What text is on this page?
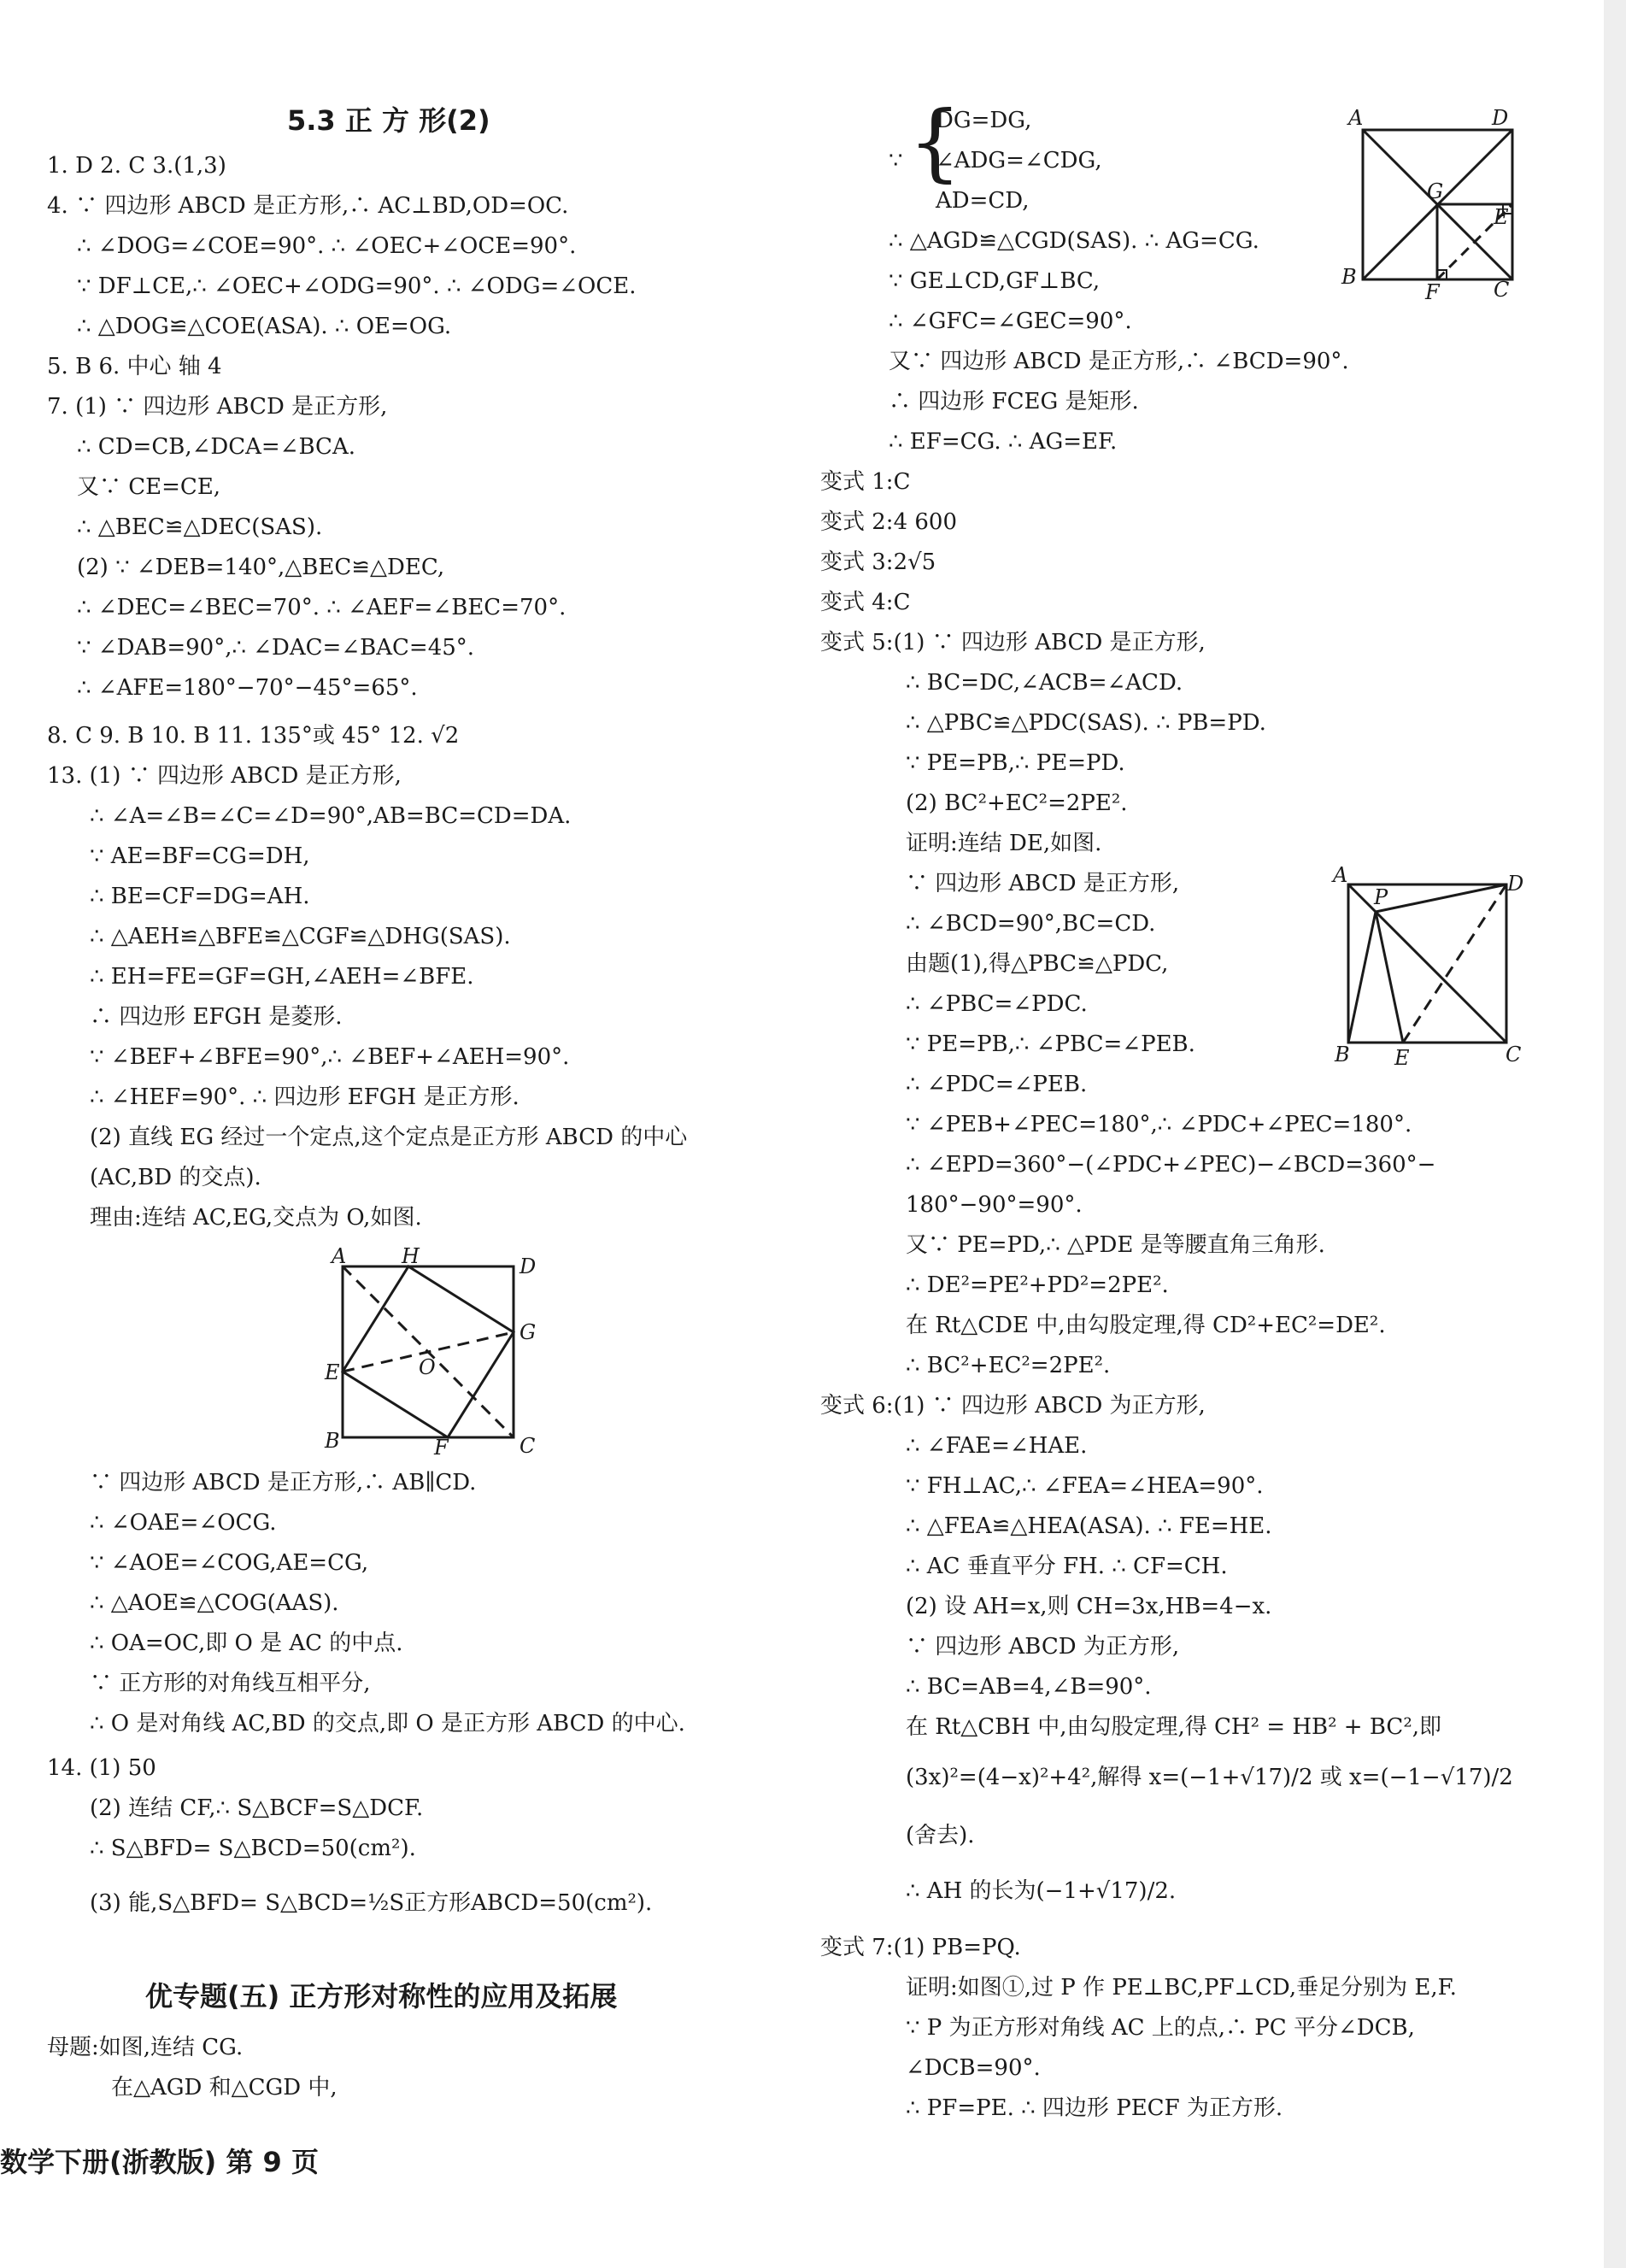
5.3 正 方 形(2)
1. D 2. C 3.(1,3)
4. ∵ 四边形 ABCD 是正方形,∴ AC⊥BD,OD=OC.
∴ ∠DOG=∠COE=90°. ∴ ∠OEC+∠OCE=90°.
∵ DF⊥CE,∴ ∠OEC+∠ODG=90°. ∴ ∠ODG=∠OCE.
∴ △DOG≌△COE(ASA). ∴ OE=OG.
5. B 6. 中心 轴 4
7. (1) ∵ 四边形 ABCD 是正方形,
∴ CD=CB,∠DCA=∠BCA.
又∵ CE=CE,
∴ △BEC≌△DEC(SAS).
(2) ∵ ∠DEB=140°,△BEC≌△DEC,
∴ ∠DEC=∠BEC=70°. ∴ ∠AEF=∠BEC=70°.
∵ ∠DAB=90°,∴ ∠DAC=∠BAC=45°.
∴ ∠AFE=180°−70°−45°=65°.
8. C 9. B 10. B 11. 135°或 45° 12. √2
13. (1) ∵ 四边形 ABCD 是正方形,
∴ ∠A=∠B=∠C=∠D=90°,AB=BC=CD=DA.
∵ AE=BF=CG=DH,
∴ BE=CF=DG=AH.
∴ △AEH≌△BFE≌△CGF≌△DHG(SAS).
∴ EH=FE=GF=GH,∠AEH=∠BFE.
∴ 四边形 EFGH 是菱形.
∵ ∠BEF+∠BFE=90°,∴ ∠BEF+∠AEH=90°.
∴ ∠HEF=90°. ∴ 四边形 EFGH 是正方形.
(2) 直线 EG 经过一个定点,这个定点是正方形 ABCD 的中心
(AC,BD 的交点).
理由:连结 AC,EG,交点为 O,如图.
A	H	D
G
E	O
B	F	C
∵ 四边形 ABCD 是正方形,∴ AB∥CD.
∴ ∠OAE=∠OCG.
∵ ∠AOE=∠COG,AE=CG,
∴ △AOE≌△COG(AAS).
∴ OA=OC,即 O 是 AC 的中点.
∵ 正方形的对角线互相平分,
∴ O 是对角线 AC,BD 的交点,即 O 是正方形 ABCD 的中心.
14. (1) 50
(2) 连结 CF,∴ S△BCF=S△DCF.
∴ S△BFD= S△BCD=50(cm²).
(3) 能,S△BFD= S△BCD=½S正方形ABCD=50(cm²).
优专题(五) 正方形对称性的应用及拓展
母题:如图,连结 CG.
在△AGD 和△CGD 中,
数学下册(浙教版) 第 9 页
{
∵
DG=DG,
∠ADG=∠CDG,
AD=CD,
∴ △AGD≌△CGD(SAS). ∴ AG=CG.
∵ GE⊥CD,GF⊥BC,
∴ ∠GFC=∠GEC=90°.
又∵ 四边形 ABCD 是正方形,∴ ∠BCD=90°.
∴ 四边形 FCEG 是矩形.
∴ EF=CG. ∴ AG=EF.
A	D
G
E
B
F	C
变式 1:C
变式 2:4 600
变式 3:2√5
变式 4:C
变式 5:(1) ∵ 四边形 ABCD 是正方形,
∴ BC=DC,∠ACB=∠ACD.
∴ △PBC≌△PDC(SAS). ∴ PB=PD.
∵ PE=PB,∴ PE=PD.
(2) BC²+EC²=2PE².
证明:连结 DE,如图.
∵ 四边形 ABCD 是正方形,
∴ ∠BCD=90°,BC=CD.
由题(1),得△PBC≌△PDC,
∴ ∠PBC=∠PDC.
∵ PE=PB,∴ ∠PBC=∠PEB.
∴ ∠PDC=∠PEB.
A
P
D
B E	C
∵ ∠PEB+∠PEC=180°,∴ ∠PDC+∠PEC=180°.
∴ ∠EPD=360°−(∠PDC+∠PEC)−∠BCD=360°−
180°−90°=90°.
又∵ PE=PD,∴ △PDE 是等腰直角三角形.
∴ DE²=PE²+PD²=2PE².
在 Rt△CDE 中,由勾股定理,得 CD²+EC²=DE².
∴ BC²+EC²=2PE².
变式 6:(1) ∵ 四边形 ABCD 为正方形,
∴ ∠FAE=∠HAE.
∵ FH⊥AC,∴ ∠FEA=∠HEA=90°.
∴ △FEA≌△HEA(ASA). ∴ FE=HE.
∴ AC 垂直平分 FH. ∴ CF=CH.
(2) 设 AH=x,则 CH=3x,HB=4−x.
∵ 四边形 ABCD 为正方形,
∴ BC=AB=4,∠B=90°.
在 Rt△CBH 中,由勾股定理,得 CH² = HB² + BC²,即
(3x)²=(4−x)²+4²,解得 x=(−1+√17)/2 或 x=(−1−√17)/2
(舍去).
∴ AH 的长为(−1+√17)/2.
变式 7:(1) PB=PQ.
证明:如图①,过 P 作 PE⊥BC,PF⊥CD,垂足分别为 E,F.
∵ P 为正方形对角线 AC 上的点,∴ PC 平分∠DCB,
∠DCB=90°.
∴ PF=PE. ∴ 四边形 PECF 为正方形.
